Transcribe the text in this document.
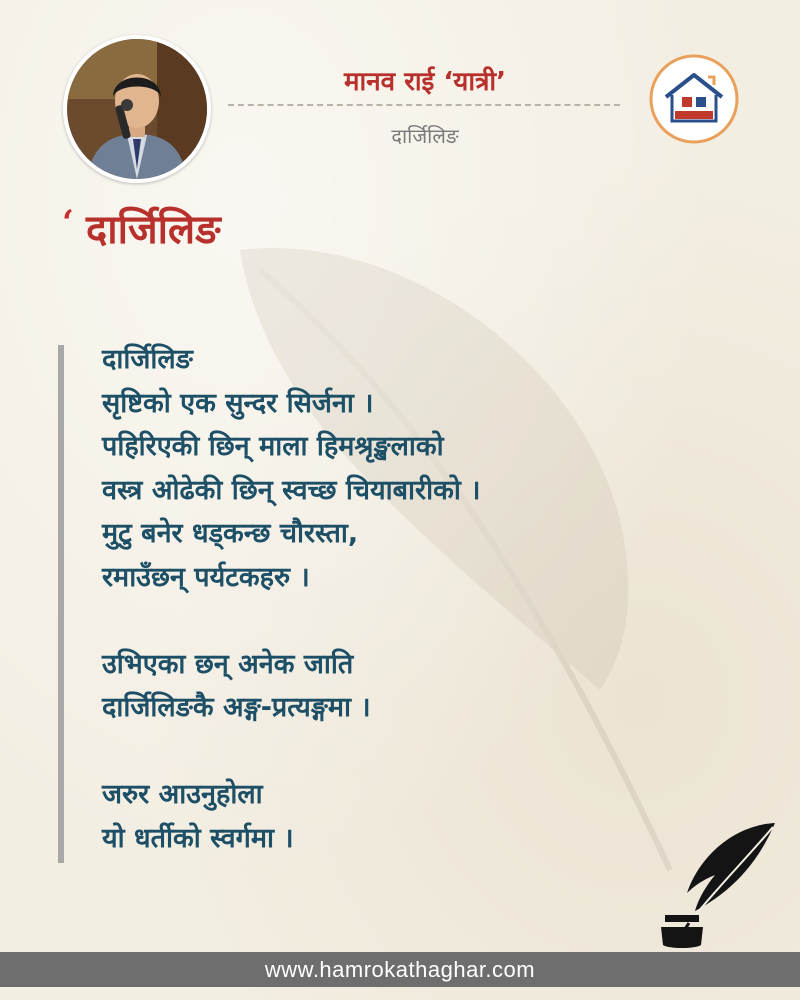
मानव राई ‘यात्री’
दार्जिलिङ
‘ दार्जिलिङ
दार्जिलिङ
सृष्टिको एक सुन्दर सिर्जना ।
पहिरिएकी छिन् माला हिमश्रृङ्खलाको
वस्त्र ओढेकी छिन् स्वच्छ चियाबारीको ।
मुटु बनेर धड्कन्छ चौरस्ता,
रमाउँछन् पर्यटकहरु ।
उभिएका छन् अनेक जाति
दार्जिलिङकै अङ्ग-प्रत्यङ्गमा ।
जरुर आउनुहोला
यो धर्तीको स्वर्गमा ।
www.hamrokathaghar.com
